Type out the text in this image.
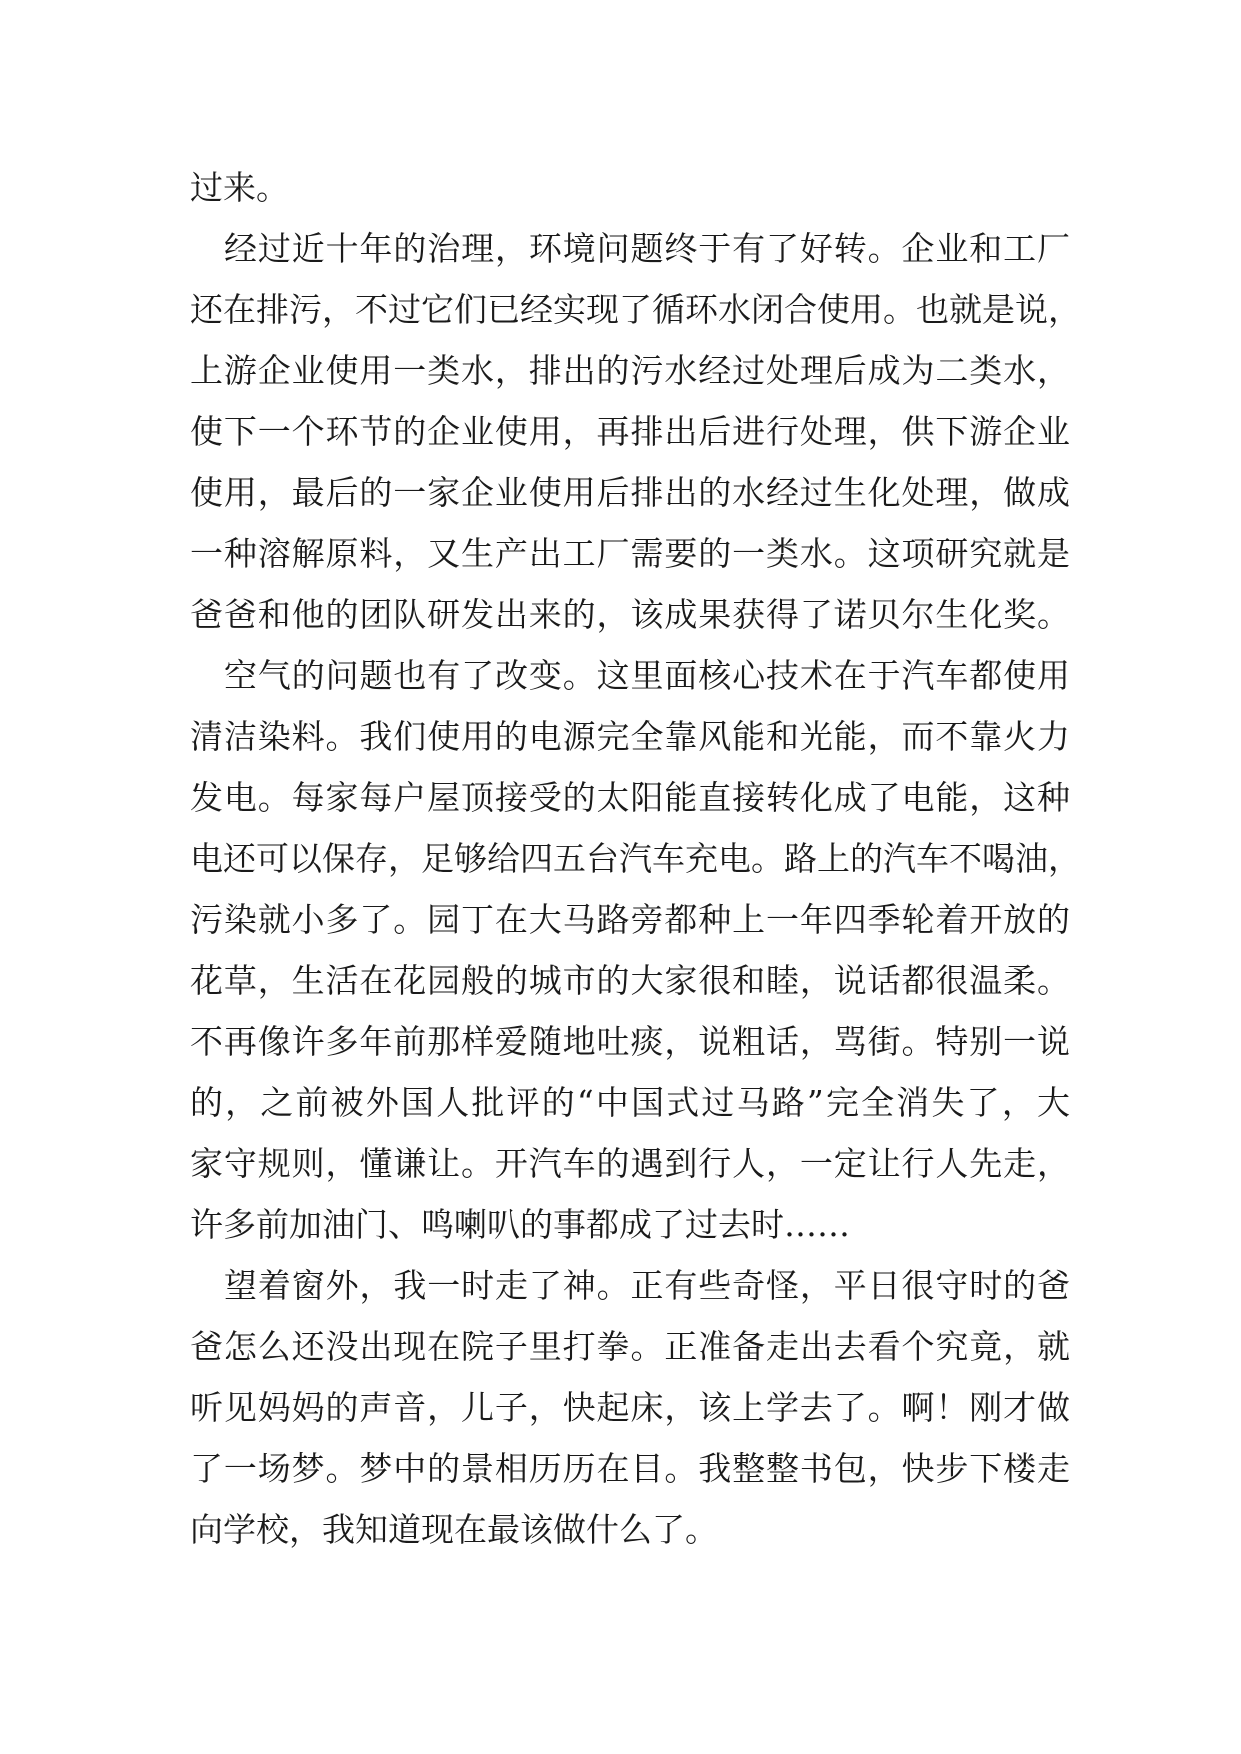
过来。
经过近十年的治理，环境问题终于有了好转。企业和工厂
还在排污，不过它们已经实现了循环水闭合使用。也就是说，
上游企业使用一类水，排出的污水经过处理后成为二类水，
使下一个环节的企业使用，再排出后进行处理，供下游企业
使用，最后的一家企业使用后排出的水经过生化处理，做成
一种溶解原料，又生产出工厂需要的一类水。这项研究就是
爸爸和他的团队研发出来的，该成果获得了诺贝尔生化奖。
空气的问题也有了改变。这里面核心技术在于汽车都使用
清洁染料。我们使用的电源完全靠风能和光能，而不靠火力
发电。每家每户屋顶接受的太阳能直接转化成了电能，这种
电还可以保存，足够给四五台汽车充电。路上的汽车不喝油，
污染就小多了。园丁在大马路旁都种上一年四季轮着开放的
花草，生活在花园般的城市的大家很和睦，说话都很温柔。
不再像许多年前那样爱随地吐痰，说粗话，骂街。特别一说
的，之前被外国人批评的“中国式过马路”完全消失了，大
家守规则，懂谦让。开汽车的遇到行人，一定让行人先走，
许多前加油门、鸣喇叭的事都成了过去时……
望着窗外，我一时走了神。正有些奇怪，平日很守时的爸
爸怎么还没出现在院子里打拳。正准备走出去看个究竟，就
听见妈妈的声音，儿子，快起床，该上学去了。啊！刚才做
了一场梦。梦中的景相历历在目。我整整书包，快步下楼走
向学校，我知道现在最该做什么了。
